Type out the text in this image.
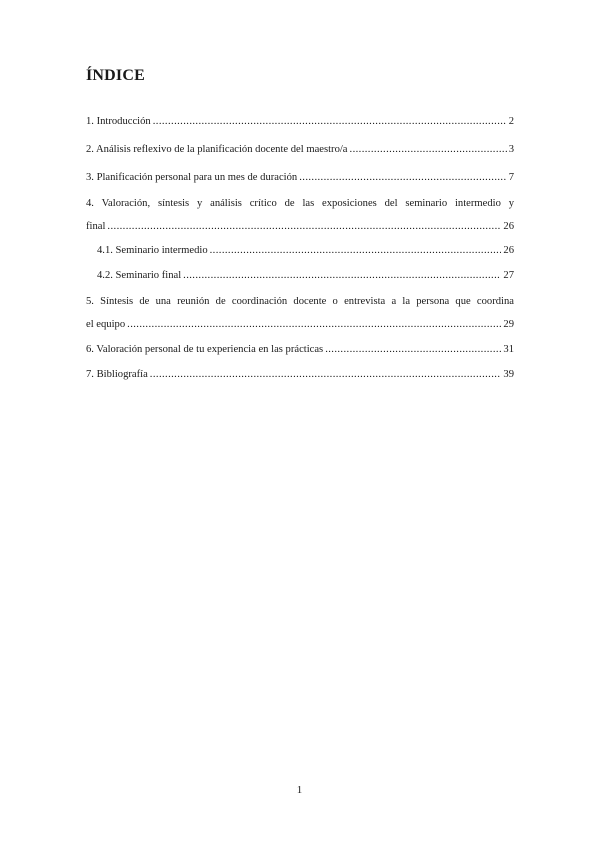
ÍNDICE
1. Introducción .....	2
2. Análisis reflexivo de la planificación docente del maestro/a .....	3
3. Planificación personal para un mes de duración .....	7
4. Valoración, síntesis y análisis crítico de las exposiciones del seminario intermedio y
final .....	26
4.1. Seminario intermedio .....	26
4.2. Seminario final .....	27
5. Síntesis de una reunión de coordinación docente o entrevista a la persona que coordina
el equipo .....	29
6. Valoración personal de tu experiencia en las prácticas .....	31
7. Bibliografía .....	39
1
